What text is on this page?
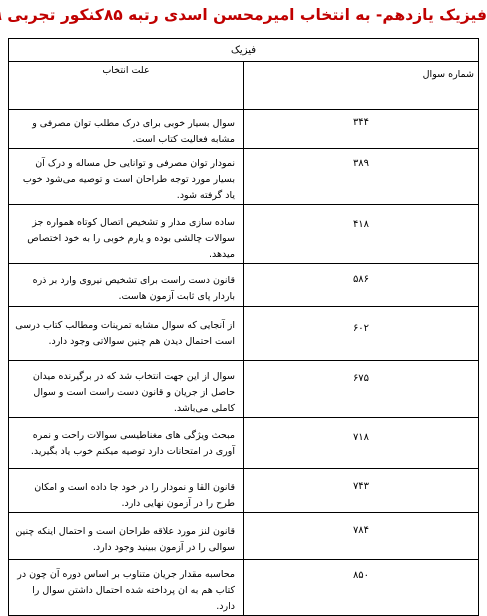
فیزیک یازدهم- به انتخاب امیرمحسن اسدی رتبه ۸۵کنکور تجربی
فیزیک	
شماره سوال	علت انتخاب
۳۴۴	سوال بسیار خوبی برای درک مطلب توان مصرفی و مشابه فعالیت کتاب است.
۳۸۹	نمودار توان مصرفی و توانایی حل مساله و درک آن بسیار مورد توجه طراحان است و توصیه می‌شود خوب یاد گرفته شود.
۴۱۸	ساده سازی مدار و تشخیص اتصال کوتاه همواره جز سوالات چالشی بوده و یارم خوبی را به خود اختصاص میدهد.
۵۸۶	قانون دست راست برای تشخیص نیروی وارد بر ذره باردار پای ثابت آزمون هاست.
۶۰۲	از آنجایی که سوال مشابه تمرینات ومطالب کتاب درسی است احتمال دیدن هم چنین سوالاتی وجود دارد.
۶۷۵	سوال از این جهت انتخاب شد که در برگیرنده میدان حاصل از جریان و قانون دست راست است و سوال کاملی می‌باشد.
۷۱۸	مبحث ویژگی های مغناطیسی سوالات راحت و نمره آوری در امتحانات دارد توصیه میکنم خوب یاد بگیرید.
۷۴۳	قانون القا و نمودار را در خود جا داده است و امکان طرح را در آزمون نهایی دارد.
۷۸۴	قانون لنز مورد علاقه طراحان است و احتمال اینکه چنین سوالی را در آزمون ببینید وجود دارد.
۸۵۰	محاسبه مقدار جریان متناوب بر اساس دوره آن چون در کتاب هم به ان پرداخته شده احتمال داشتن سوال را دارد.
